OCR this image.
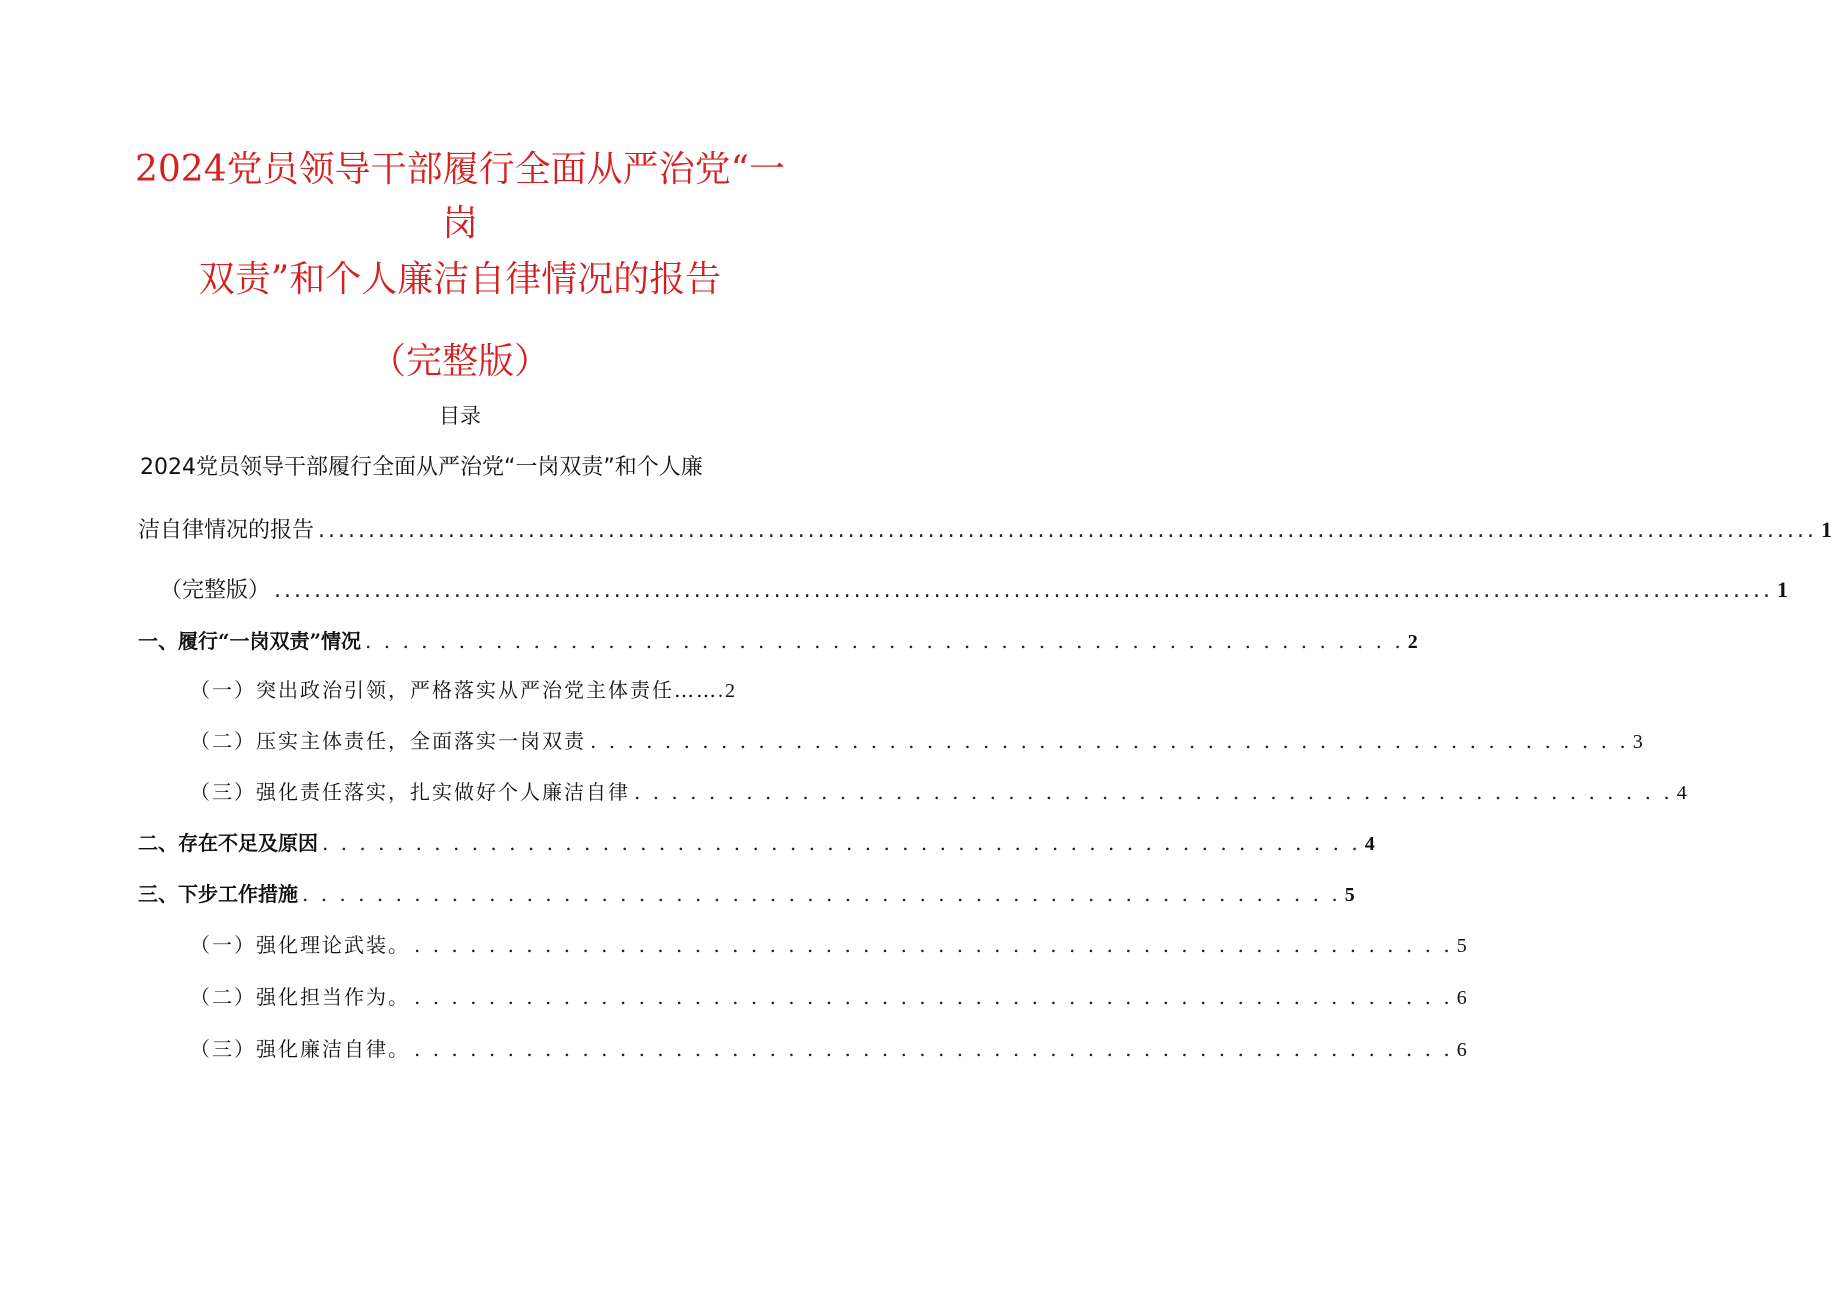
2024党员领导干部履行全面从严治党“一
岗
双责”和个人廉洁自律情况的报告
（完整版）
目录
2024党员领导干部履行全面从严治党“一岗双责”和个人廉
洁自律情况的报告 ...................................................................................................................................................... 1
（完整版） ...................................................................................................................................................... 1
一、履行“一岗双责”情况 . . . . . . . . . . . . . . . . . . . . . . . . . . . . . . . . . . . . . . . . . . . . . . . . . . . . . . . . 2
（一）突出政治引领，严格落实从严治党主体责任…… .2
（二）压实主体责任，全面落实一岗双责 . . . . . . . . . . . . . . . . . . . . . . . . . . . . . . . . . . . . . . . . . . . . . . . . . . . . . . . . 3
（三）强化责任落实，扎实做好个人廉洁自律 . . . . . . . . . . . . . . . . . . . . . . . . . . . . . . . . . . . . . . . . . . . . . . . . . . . . . . . . 4
二、存在不足及原因 . . . . . . . . . . . . . . . . . . . . . . . . . . . . . . . . . . . . . . . . . . . . . . . . . . . . . . . . 4
三、下步工作措施 . . . . . . . . . . . . . . . . . . . . . . . . . . . . . . . . . . . . . . . . . . . . . . . . . . . . . . . . 5
（一）强化理论武装。 . . . . . . . . . . . . . . . . . . . . . . . . . . . . . . . . . . . . . . . . . . . . . . . . . . . . . . . . 5
（二）强化担当作为。 . . . . . . . . . . . . . . . . . . . . . . . . . . . . . . . . . . . . . . . . . . . . . . . . . . . . . . . . 6
（三）强化廉洁自律。 . . . . . . . . . . . . . . . . . . . . . . . . . . . . . . . . . . . . . . . . . . . . . . . . . . . . . . . . 6
